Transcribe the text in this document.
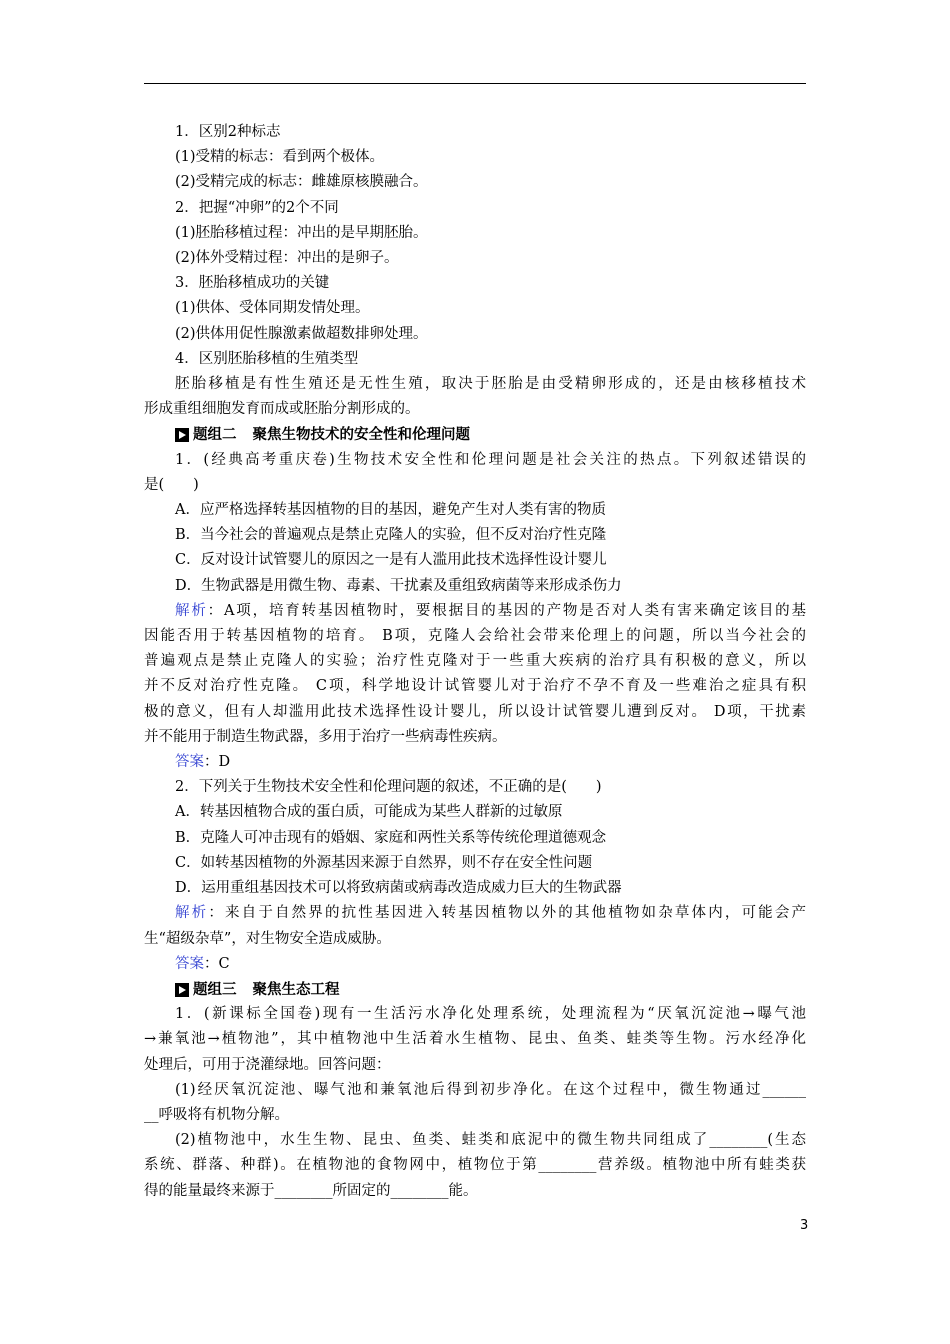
1．区别2种标志
(1)受精的标志：看到两个极体。
(2)受精完成的标志：雌雄原核膜融合。
2．把握“冲卵”的2个不同
(1)胚胎移植过程：冲出的是早期胚胎。
(2)体外受精过程：冲出的是卵子。
3．胚胎移植成功的关键
(1)供体、受体同期发情处理。
(2)供体用促性腺激素做超数排卵处理。
4．区别胚胎移植的生殖类型
胚胎移植是有性生殖还是无性生殖，取决于胚胎是由受精卵形成的，还是由核移植技术
形成重组细胞发育而成或胚胎分割形成的。
题组二 聚焦生物技术的安全性和伦理问题
1．(经典高考重庆卷)生物技术安全性和伦理问题是社会关注的热点。下列叙述错误的
是(　　)
A．应严格选择转基因植物的目的基因，避免产生对人类有害的物质
B．当今社会的普遍观点是禁止克隆人的实验，但不反对治疗性克隆
C．反对设计试管婴儿的原因之一是有人滥用此技术选择性设计婴儿
D．生物武器是用微生物、毒素、干扰素及重组致病菌等来形成杀伤力
解析：A项，培育转基因植物时，要根据目的基因的产物是否对人类有害来确定该目的基
因能否用于转基因植物的培育。 B项，克隆人会给社会带来伦理上的问题，所以当今社会的
普遍观点是禁止克隆人的实验；治疗性克隆对于一些重大疾病的治疗具有积极的意义，所以
并不反对治疗性克隆。 C项，科学地设计试管婴儿对于治疗不孕不育及一些难治之症具有积
极的意义，但有人却滥用此技术选择性设计婴儿，所以设计试管婴儿遭到反对。 D项，干扰素
并不能用于制造生物武器，多用于治疗一些病毒性疾病。
答案：D
2．下列关于生物技术安全性和伦理问题的叙述，不正确的是(　　)
A．转基因植物合成的蛋白质，可能成为某些人群新的过敏原
B．克隆人可冲击现有的婚姻、家庭和两性关系等传统伦理道德观念
C．如转基因植物的外源基因来源于自然界，则不存在安全性问题
D．运用重组基因技术可以将致病菌或病毒改造成威力巨大的生物武器
解析：来自于自然界的抗性基因进入转基因植物以外的其他植物如杂草体内，可能会产
生“超级杂草”，对生物安全造成威胁。
答案：C
题组三 聚焦生态工程
1．(新课标全国卷)现有一生活污水净化处理系统，处理流程为“厌氧沉淀池→曝气池
→兼氧池→植物池”，其中植物池中生活着水生植物、昆虫、鱼类、蛙类等生物。污水经净化
处理后，可用于浇灌绿地。回答问题：
(1)经厌氧沉淀池、曝气池和兼氧池后得到初步净化。在这个过程中，微生物通过______
__呼吸将有机物分解。
(2)植物池中，水生生物、昆虫、鱼类、蛙类和底泥中的微生物共同组成了________(生态
系统、群落、种群)。在植物池的食物网中，植物位于第________营养级。植物池中所有蛙类获
得的能量最终来源于________所固定的________能。
3
